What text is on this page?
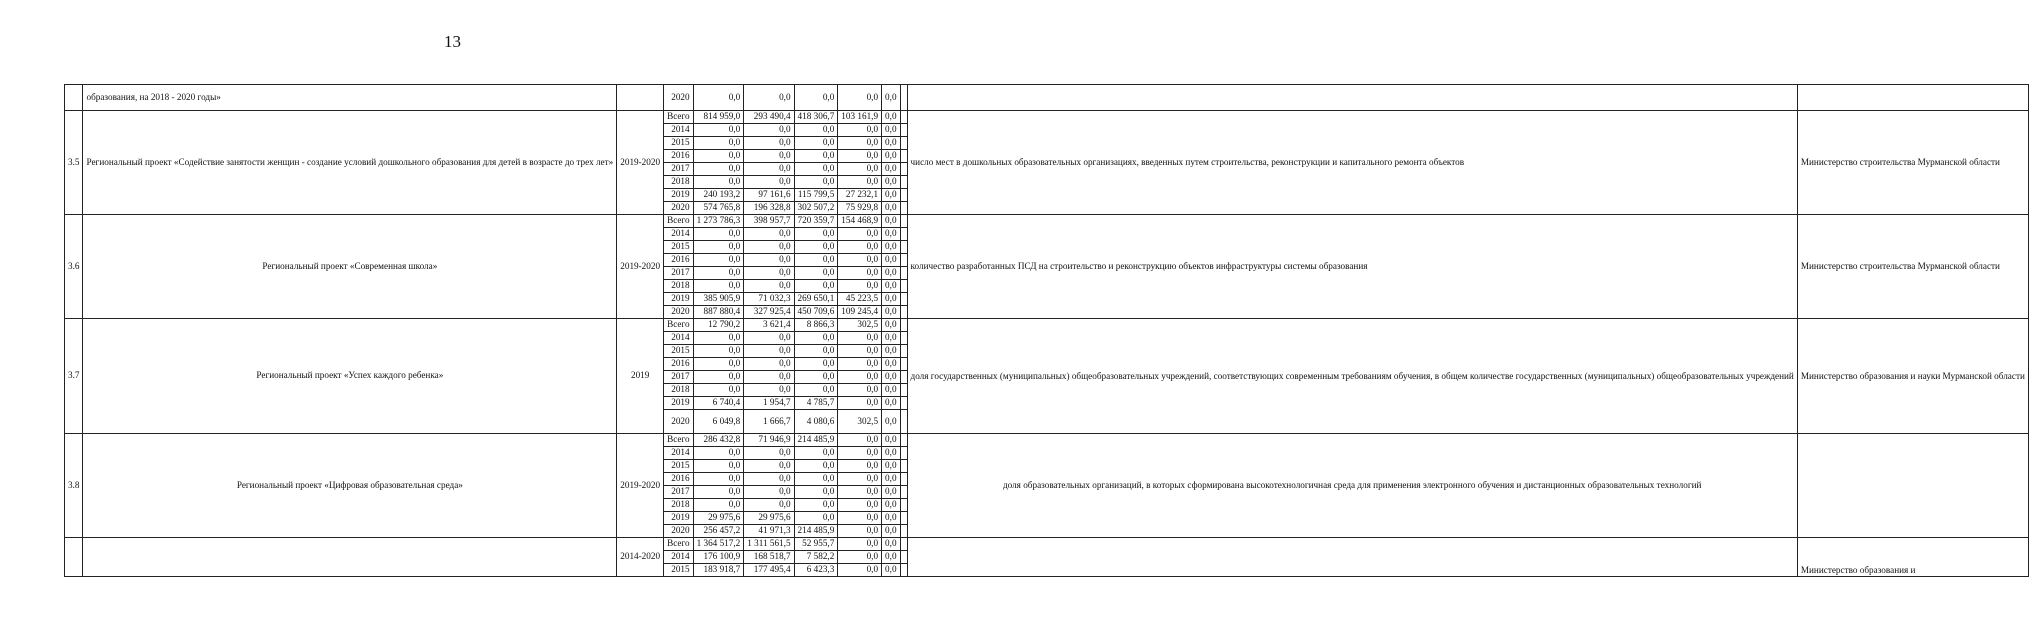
13
	образования, на 2018 - 2020 годы»		2020	0,0	0,0	0,0	0,0	0,0			
3.5	Региональный проект «Содействие занятости женщин - создание условий дошкольного образования для детей в возрасте до трех лет»	2019-2020	Всего	814 959,0	293 490,4	418 306,7	103 161,9	0,0		число мест в дошкольных образовательных организациях, введенных путем строительства, реконструкции и капитального ремонта объектов	Министерство строительства Мурманской области
			2014	0,0	0,0	0,0	0,0	0,0			
			2015	0,0	0,0	0,0	0,0	0,0			
			2016	0,0	0,0	0,0	0,0	0,0			
			2017	0,0	0,0	0,0	0,0	0,0			
			2018	0,0	0,0	0,0	0,0	0,0			
			2019	240 193,2	97 161,6	115 799,5	27 232,1	0,0			
			2020	574 765,8	196 328,8	302 507,2	75 929,8	0,0			
3.6	Региональный проект «Современная школа»	2019-2020	Всего	1 273 786,3	398 957,7	720 359,7	154 468,9	0,0		количество разработанных ПСД на строительство и реконструкцию объектов инфраструктуры системы образования	Министерство строительства Мурманской области
			2014	0,0	0,0	0,0	0,0	0,0			
			2015	0,0	0,0	0,0	0,0	0,0			
			2016	0,0	0,0	0,0	0,0	0,0			
			2017	0,0	0,0	0,0	0,0	0,0			
			2018	0,0	0,0	0,0	0,0	0,0			
			2019	385 905,9	71 032,3	269 650,1	45 223,5	0,0			
			2020	887 880,4	327 925,4	450 709,6	109 245,4	0,0			
3.7	Региональный проект «Успех каждого ребенка»	2019	Всего	12 790,2	3 621,4	8 866,3	302,5	0,0		доля государственных (муниципальных) общеобразовательных учреждений, соответствующих современным требованиям обучения, в общем количестве государственных (муниципальных) общеобразовательных учреждений	Министерство образования и науки Мурманской области
			2014	0,0	0,0	0,0	0,0	0,0			
			2015	0,0	0,0	0,0	0,0	0,0			
			2016	0,0	0,0	0,0	0,0	0,0			
			2017	0,0	0,0	0,0	0,0	0,0			
			2018	0,0	0,0	0,0	0,0	0,0			
			2019	6 740,4	1 954,7	4 785,7	0,0	0,0			
			2020	6 049,8	1 666,7	4 080,6	302,5	0,0			
3.8	Региональный проект «Цифровая образовательная среда»	2019-2020	Всего	286 432,8	71 946,9	214 485,9	0,0	0,0		доля образовательных организаций, в которых сформирована высокотехнологичная среда для применения электронного обучения и дистанционных образовательных технологий	
			2014	0,0	0,0	0,0	0,0	0,0			
			2015	0,0	0,0	0,0	0,0	0,0			
			2016	0,0	0,0	0,0	0,0	0,0			
			2017	0,0	0,0	0,0	0,0	0,0			
			2018	0,0	0,0	0,0	0,0	0,0			
			2019	29 975,6	29 975,6	0,0	0,0	0,0			
			2020	256 457,2	41 971,3	214 485,9	0,0	0,0			
		2014-2020	Всего	1 364 517,2	1 311 561,5	52 955,7	0,0	0,0			Министерство образования и
			2014	176 100,9	168 518,7	7 582,2	0,0	0,0			
			2015	183 918,7	177 495,4	6 423,3	0,0	0,0			
